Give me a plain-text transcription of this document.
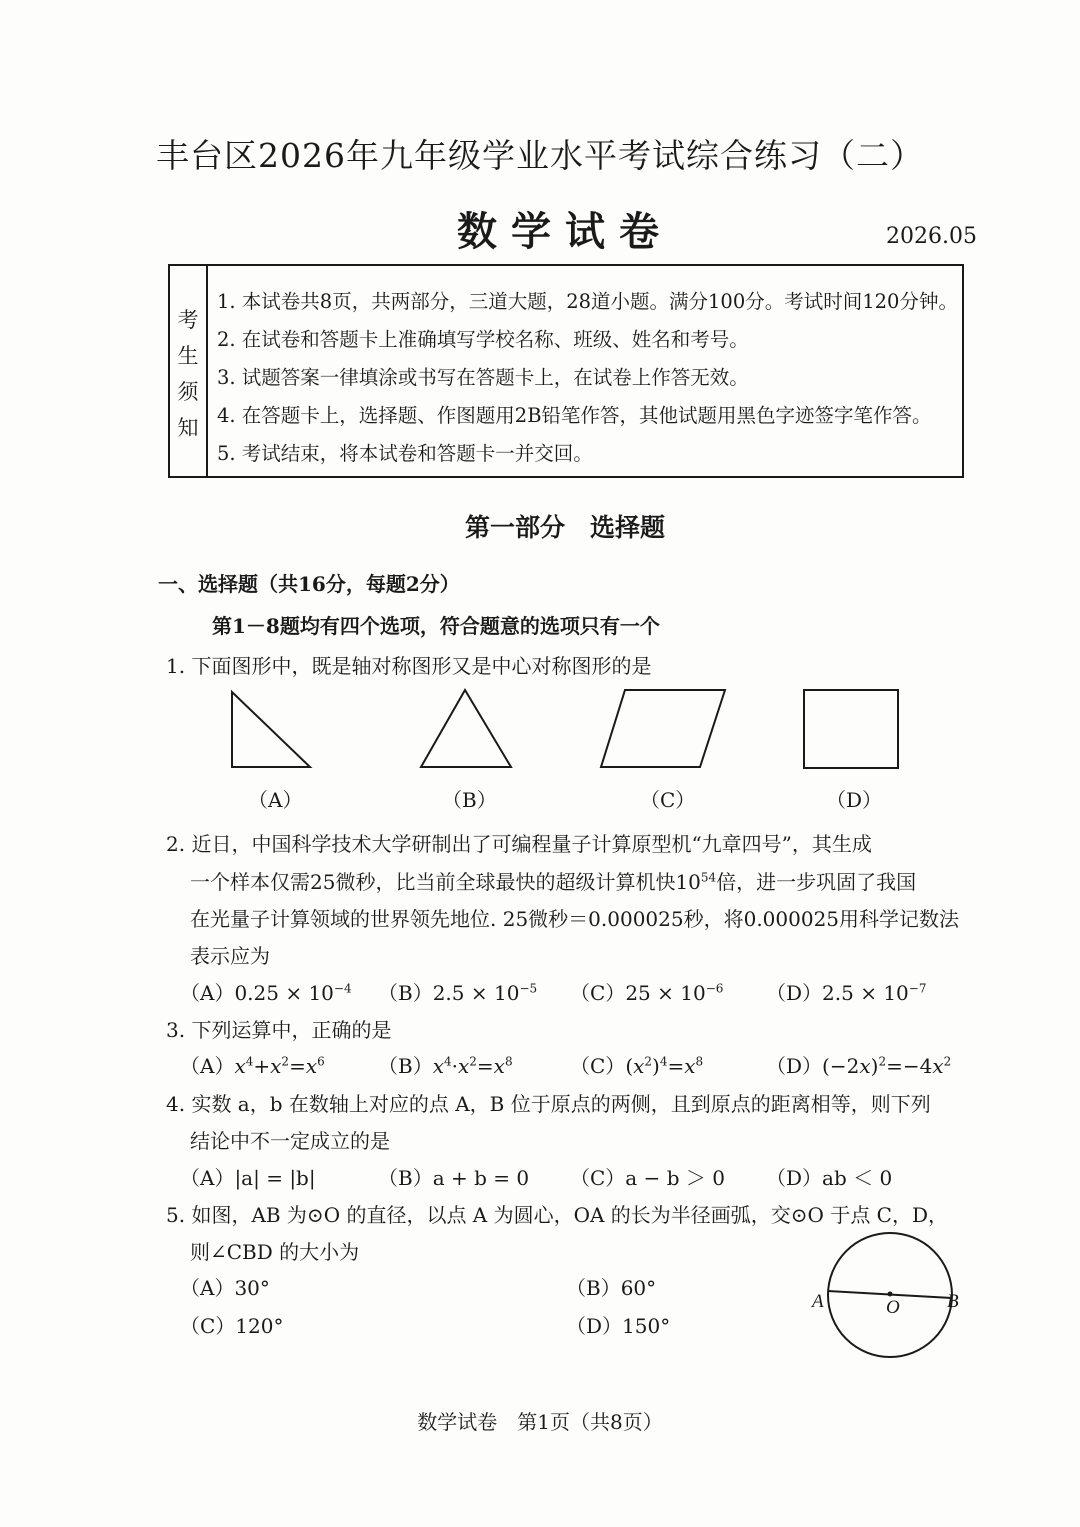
丰台区2026年九年级学业水平考试综合练习（二）
数学试卷	2026.05
考
生
须
知
1. 本试卷共8页，共两部分，三道大题，28道小题。满分100分。考试时间120分钟。
2. 在试卷和答题卡上准确填写学校名称、班级、姓名和考号。
3. 试题答案一律填涂或书写在答题卡上，在试卷上作答无效。
4. 在答题卡上，选择题、作图题用2B铅笔作答，其他试题用黑色字迹签字笔作答。
5. 考试结束，将本试卷和答题卡一并交回。
第一部分　选择题
一、选择题（共16分，每题2分）
第1－8题均有四个选项，符合题意的选项只有一个
1. 下面图形中，既是轴对称图形又是中心对称图形的是
（A）	（B）	（C）	（D）
2. 近日，中国科学技术大学研制出了可编程量子计算原型机“九章四号”，其生成
一个样本仅需25微秒，比当前全球最快的超级计算机快$10^{54}$倍，进一步巩固了我国
在光量子计算领域的世界领先地位. 25微秒＝0.000025秒，将0.000025用科学记数法
表示应为
$(A)0.25 \times 10^{-4}$ $(B)2.5 \times 10^{-5}$ $(C)25 \times 10^{-6}$ $(D)2.5 \times 10^{-7}$
3. 下列运算中，正确的是
$(A)x^4+x^2=x^6$	$(B)x^4\cdot x^2=x^8$	$(C)(x^2)^4=x^8$	$(D)(-2x)^2=-4x^2$
4. 实数 a，b 在数轴上对应的点 A，B 位于原点的两侧，且到原点的距离相等，则下列
结论中不一定成立的是
（A）|a| = |b|	（B）a + b = 0 （C）a − b ＞ 0 （D）ab ＜ 0
5. 如图，AB 为⊙O 的直径，以点 A 为圆心，OA 的长为半径画弧，交⊙O 于点 C，D，
则∠CBD 的大小为
（A）30°	（B）60°
（C）120°	（D）150°
A	O B
数学试卷　第1页（共8页）
